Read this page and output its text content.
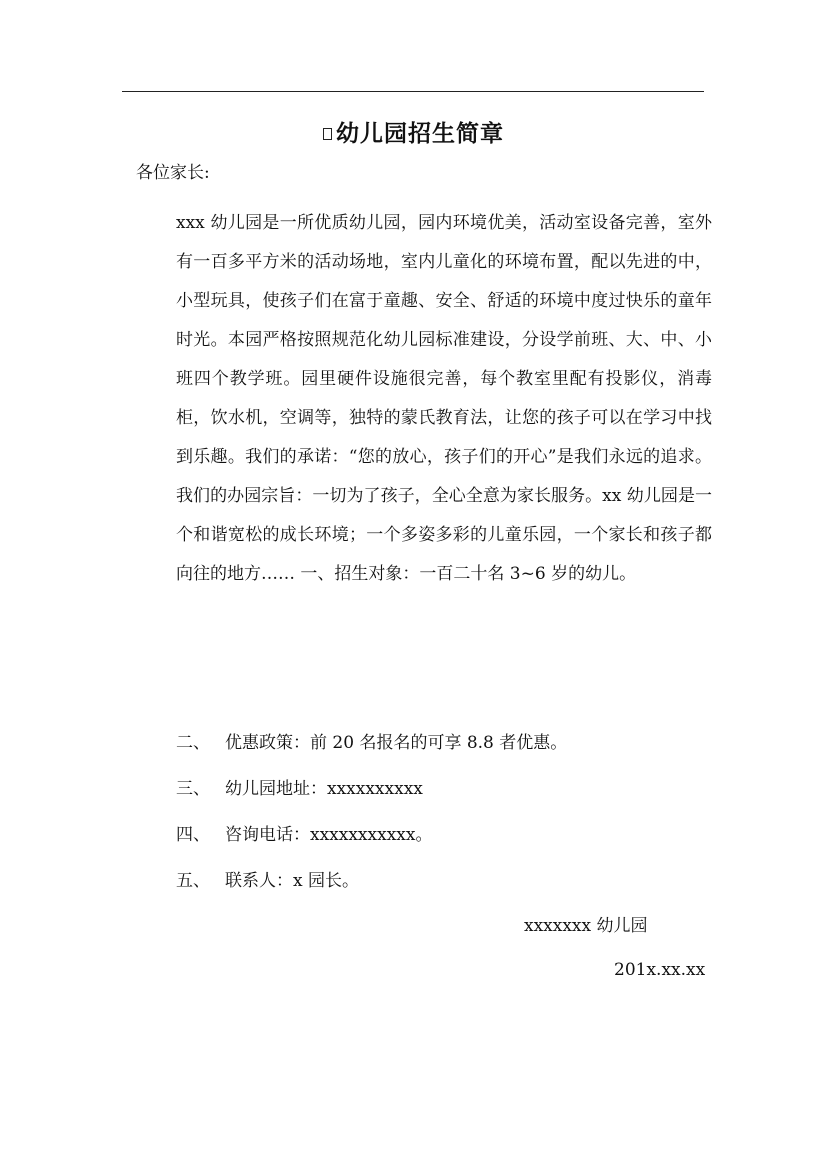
幼儿园招生简章
各位家长:

xxx 幼儿园是一所优质幼儿园，园内环境优美，活动室设备完善，室外有一百多平方米的活动场地，室内儿童化的环境布置，配以先进的中，小型玩具，使孩子们在富于童趣、安全、舒适的环境中度过快乐的童年时光。本园严格按照规范化幼儿园标准建设，分设学前班、大、中、小班四个教学班。园里硬件设施很完善，每个教室里配有投影仪，消毒柜，饮水机，空调等，独特的蒙氏教育法，让您的孩子可以在学习中找到乐趣。我们的承诺：“您的放心，孩子们的开心”是我们永远的追求。我们的办园宗旨：一切为了孩子，全心全意为家长服务。xx 幼儿园是一个和谐宽松的成长环境；一个多姿多彩的儿童乐园，一个家长和孩子都向往的地方…… 一、招生对象：一百二十名 3~6 岁的幼儿。

二、 优惠政策：前 20 名报名的可享 8.8 者优惠。
三、 幼儿园地址：xxxxxxxxxx
四、 咨询电话：xxxxxxxxxxx。
五、 联系人：x 园长。
xxxxxxx 幼儿园
201x.xx.xx
